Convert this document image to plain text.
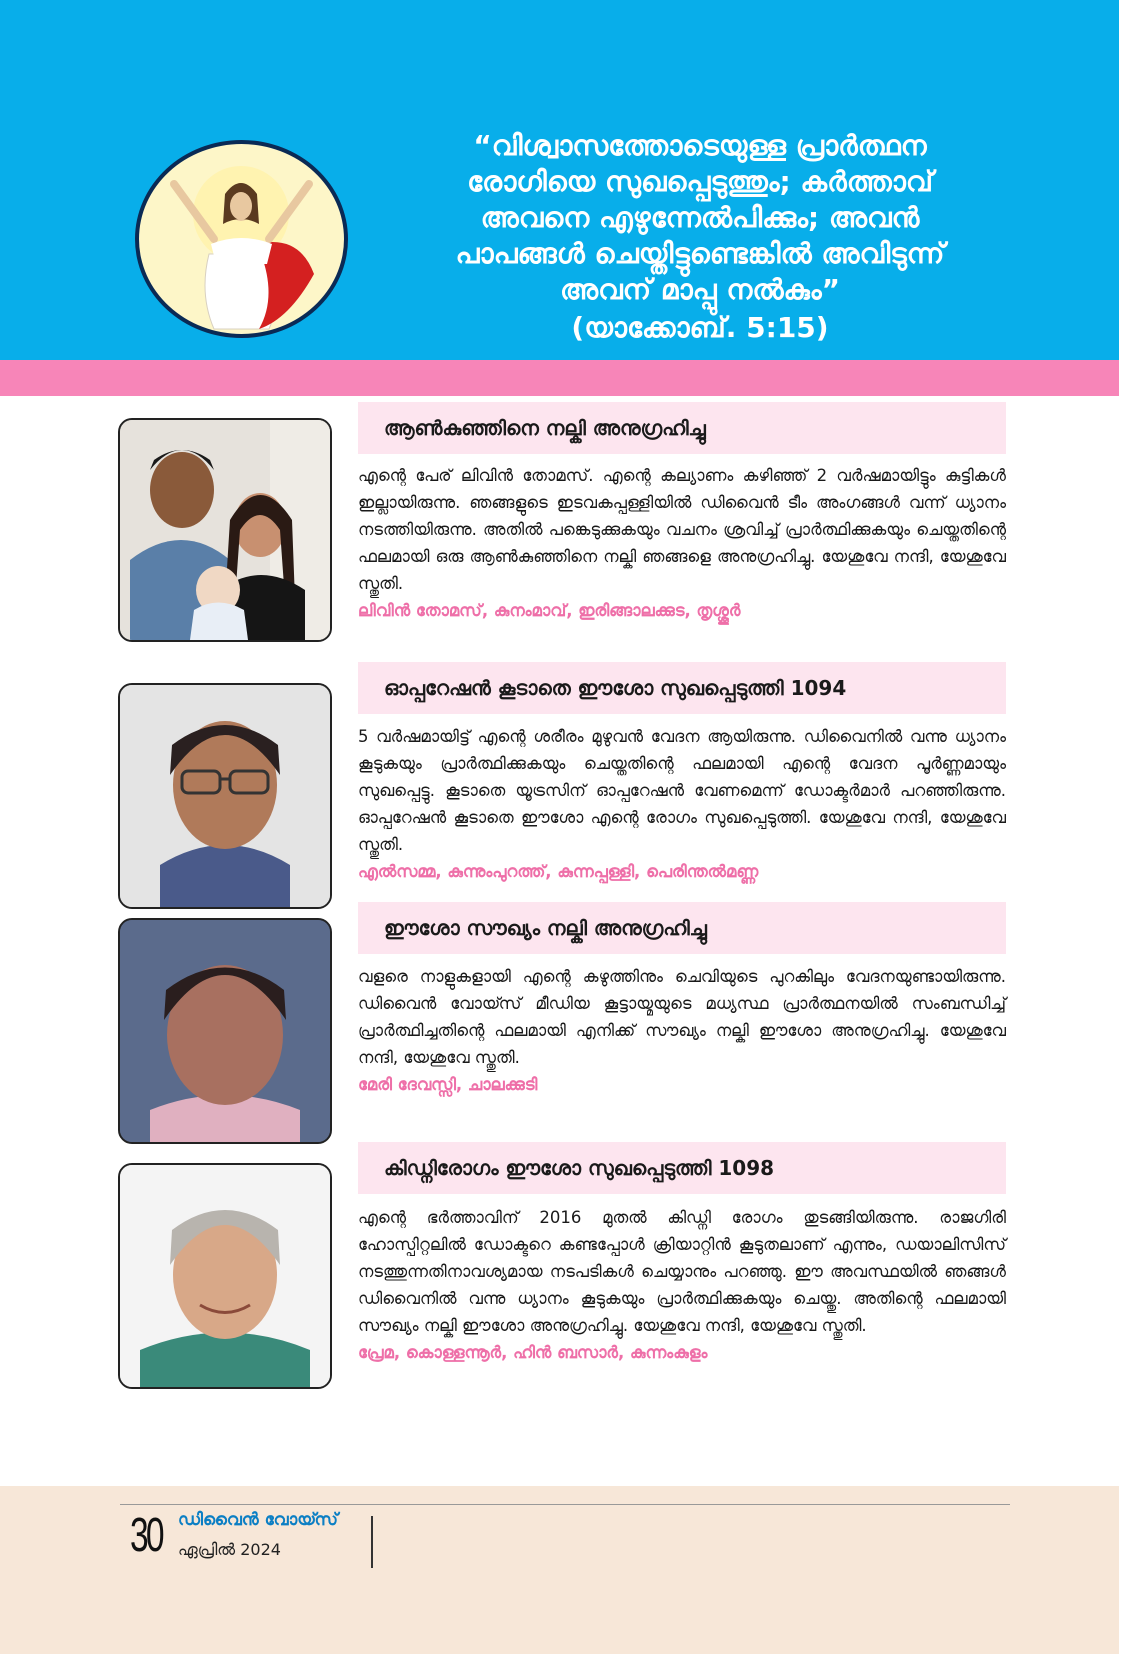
“വിശ്വാസത്തോടെയുള്ള പ്രാർത്ഥന
രോഗിയെ സുഖപ്പെടുത്തും; കർത്താവ്
അവനെ എഴുന്നേൽപിക്കും; അവൻ
പാപങ്ങൾ ചെയ്തിട്ടുണ്ടെങ്കിൽ അവിടുന്ന്
അവന് മാപ്പു നൽകും”
(യാക്കോബ്. 5:15)
ആൺകുഞ്ഞിനെ നല്കി അനുഗ്രഹിച്ചു
എന്റെ പേര് ലിവിൻ തോമസ്. എന്റെ കല്യാണം കഴിഞ്ഞ് 2 വർഷമായിട്ടും കുട്ടികൾ ഇല്ലായിരുന്നു. ഞങ്ങളുടെ ഇടവകപ്പള്ളിയിൽ ഡിവൈൻ ടീം അംഗങ്ങൾ വന്ന് ധ്യാനം നടത്തിയിരുന്നു. അതിൽ പങ്കെടുക്കുകയും വചനം ശ്രവിച്ച് പ്രാർത്ഥിക്കുകയും ചെയ്തതിന്റെ ഫലമായി ഒരു ആൺകുഞ്ഞിനെ നല്കി ഞങ്ങളെ അനുഗ്രഹിച്ചു. യേശുവേ നന്ദി, യേശുവേ സ്തുതി.
ലിവിൻ തോമസ്, കുനംമാവ്, ഇരിങ്ങാലക്കുട, തൃശ്ശൂർ
ഓപ്പറേഷൻ കൂടാതെ ഈശോ സുഖപ്പെടുത്തി 1094
5 വർഷമായിട്ട് എന്റെ ശരീരം മുഴുവൻ വേദന ആയിരുന്നു. ഡിവൈനിൽ വന്നു ധ്യാനം കൂടുകയും പ്രാർത്ഥിക്കുകയും ചെയ്തതിന്റെ ഫലമായി എന്റെ വേദന പൂർണ്ണമായും സുഖപ്പെട്ടു. കൂടാതെ യൂട്രസിന് ഓപ്പറേഷൻ വേണമെന്ന് ഡോക്ടർമാർ പറഞ്ഞിരുന്നു. ഓപ്പറേഷൻ കൂടാതെ ഈശോ എന്റെ രോഗം സുഖപ്പെടുത്തി. യേശുവേ നന്ദി, യേശുവേ സ്തുതി.
എൽസമ്മ, കുന്നുംപുറത്ത്, കുന്നപ്പള്ളി, പെരിന്തൽമണ്ണ
ഈശോ സൗഖ്യം നല്കി അനുഗ്രഹിച്ചു
വളരെ നാളുകളായി എന്റെ കഴുത്തിനും ചെവിയുടെ പുറകിലും വേദനയുണ്ടായിരുന്നു. ഡിവൈൻ വോയ്സ് മീഡിയ കൂട്ടായ്മയുടെ മധ്യസ്ഥ പ്രാർത്ഥനയിൽ സംബന്ധിച്ച് പ്രാർത്ഥിച്ചതിന്റെ ഫലമായി എനിക്ക് സൗഖ്യം നല്കി ഈശോ അനുഗ്രഹിച്ചു. യേശുവേ നന്ദി, യേശുവേ സ്തുതി.
മേരി ദേവസ്സി, ചാലക്കുടി
കിഡ്നിരോഗം ഈശോ സുഖപ്പെടുത്തി 1098
എന്റെ ഭർത്താവിന് 2016 മുതൽ കിഡ്നി രോഗം തുടങ്ങിയിരുന്നു. രാജഗിരി ഹോസ്പിറ്റലിൽ ഡോക്ടറെ കണ്ടപ്പോൾ ക്രിയാറ്റിൻ കൂടുതലാണ് എന്നും, ഡയാലിസിസ് നടത്തുന്നതിനാവശ്യമായ നടപടികൾ ചെയ്യാനും പറഞ്ഞു. ഈ അവസ്ഥയിൽ ഞങ്ങൾ ഡിവൈനിൽ വന്നു ധ്യാനം കൂടുകയും പ്രാർത്ഥിക്കുകയും ചെയ്തു. അതിന്റെ ഫലമായി സൗഖ്യം നല്കി ഈശോ അനുഗ്രഹിച്ചു. യേശുവേ നന്ദി, യേശുവേ സ്തുതി.
പ്രേമ, കൊള്ളന്നൂർ, ഹിൻ ബസാർ, കുന്നംകുളം
30 ഡിവൈൻ വോയ്സ്
ഏപ്രിൽ 2024
